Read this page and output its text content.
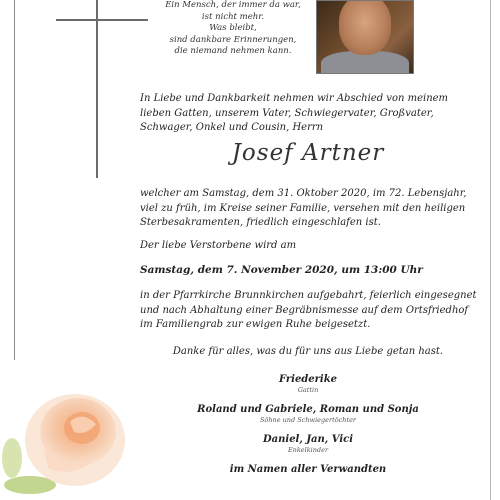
Ein Mensch, der immer da war,
ist nicht mehr.
Was bleibt,
sind dankbare Erinnerungen,
die niemand nehmen kann.
In Liebe und Dankbarkeit nehmen wir Abschied von meinem
lieben Gatten, unserem Vater, Schwiegervater, Großvater,
Schwager, Onkel und Cousin, Herrn
Josef Artner
welcher am Samstag, dem 31. Oktober 2020, im 72. Lebensjahr,
viel zu früh, im Kreise seiner Familie, versehen mit den heiligen
Sterbesakramenten, friedlich eingeschlafen ist.
Der liebe Verstorbene wird am
Samstag, dem 7. November 2020, um 13:00 Uhr
in der Pfarrkirche Brunnkirchen aufgebahrt, feierlich eingesegnet
und nach Abhaltung einer Begräbnismesse auf dem Ortsfriedhof
im Familiengrab zur ewigen Ruhe beigesetzt.
Danke für alles, was du für uns aus Liebe getan hast.
Friederike
Gattin
Roland und Gabriele, Roman und Sonja
Söhne und Schwiegertöchter
Daniel, Jan, Vici
Enkelkinder
im Namen aller Verwandten
